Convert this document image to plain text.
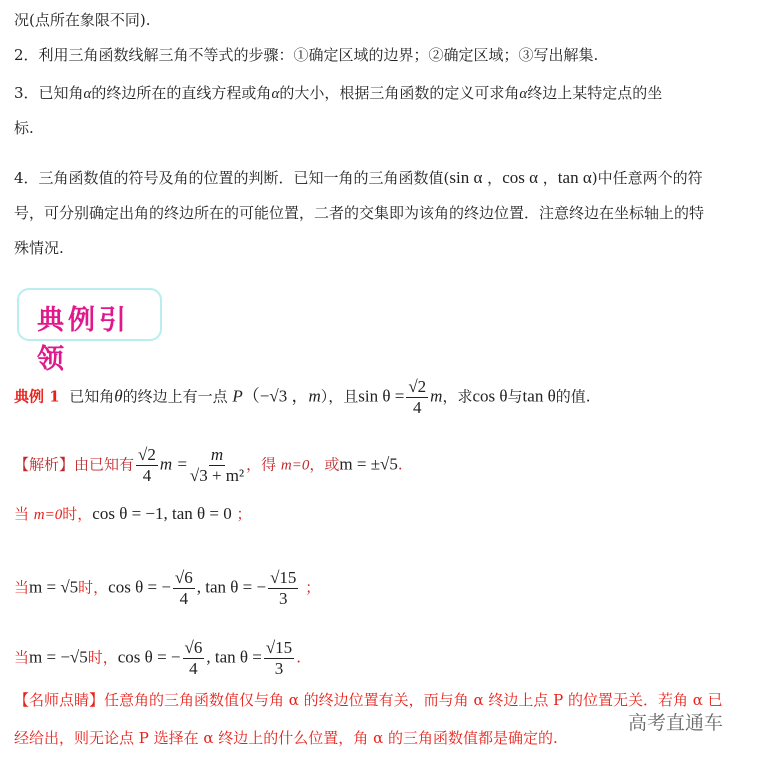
况(点所在象限不同).
2．利用三角函数线解三角不等式的步骤：①确定区域的边界；②确定区域；③写出解集.
3．已知角α的终边所在的直线方程或角α的大小，根据三角函数的定义可求角α终边上某特定点的坐
标.
4．三角函数值的符号及角的位置的判断．已知一角的三角函数值(sin α ，cos α ，tan α)中任意两个的符
号，可分别确定出角的终边所在的可能位置，二者的交集即为该角的终边位置．注意终边在坐标轴上的特
殊情况.
典例引领
典例 1 已知角θ的终边上有一点 P（−√3 ，m），且$\sin \theta = \frac{√2}{4}$ m，求cos θ与tan θ的值.
【解析】由已知有 $\frac{√2}{4}$ $m = \frac{m}{\text{√3 + m²}}$ ，得 m=0，或m = ±√5.
当 m=0时，cos θ = −1, tan θ = 0 ；
当m = √5时，cos θ = − $\frac{√6}{4}$ , tan θ = − $\frac{√15}{3}$ ；
当m = −√5时，cos θ = − $\frac{√6}{4}$ , $\tan \theta = \frac{√15}{3}$ .
【名师点睛】任意角的三角函数值仅与角 α 的终边位置有关，而与角 α 终边上点 P 的位置无关．若角 α 已
经给出，则无论点 P 选择在 α 终边上的什么位置，角 α 的三角函数值都是确定的.
高考直通车
